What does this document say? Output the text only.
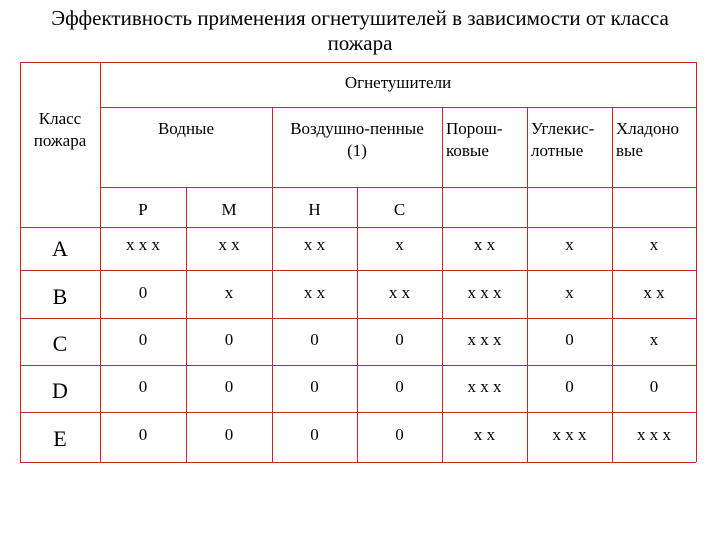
Эффективность применения огнетушителей в зависимости от класса
пожара
Огнетушители
Класс
пожара
Водные	Воздушно-пенные
(1)
Порош-
ковые
Углекис-
лотные
Хладоно
вые
Р	М	Н	С
A	x x x	x x	x x	x	x x	x	x
B	0	x	x x	x x	x x x	x	x x
C	0	0	0	0	x x x	0	x
D	0	0	0	0	x x x	0	0
E	0	0	0	0	x x	x x x	x x x
